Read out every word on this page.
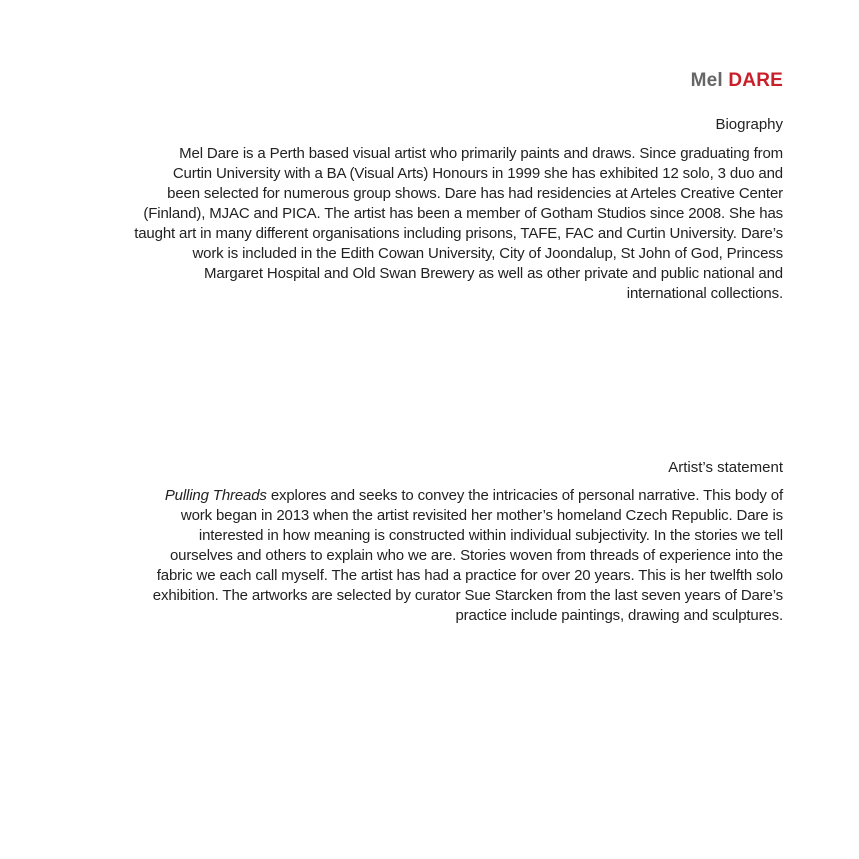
Mel DARE
Biography
Mel Dare is a Perth based visual artist who primarily paints and draws. Since graduating from
Curtin University with a BA (Visual Arts) Honours in 1999 she has exhibited 12 solo, 3 duo and
been selected for numerous group shows. Dare has had residencies at Arteles Creative Center
(Finland), MJAC and PICA. The artist has been a member of Gotham Studios since 2008. She has
taught art in many different organisations including prisons, TAFE, FAC and Curtin University. Dare’s
work is included in the Edith Cowan University, City of Joondalup, St John of God, Princess
Margaret Hospital and Old Swan Brewery as well as other private and public national and
international collections.
Artist’s statement
Pulling Threads explores and seeks to convey the intricacies of personal narrative. This body of
work began in 2013 when the artist revisited her mother’s homeland Czech Republic. Dare is
interested in how meaning is constructed within individual subjectivity. In the stories we tell
ourselves and others to explain who we are. Stories woven from threads of experience into the
fabric we each call myself. The artist has had a practice for over 20 years. This is her twelfth solo
exhibition. The artworks are selected by curator Sue Starcken from the last seven years of Dare’s
practice include paintings, drawing and sculptures.
